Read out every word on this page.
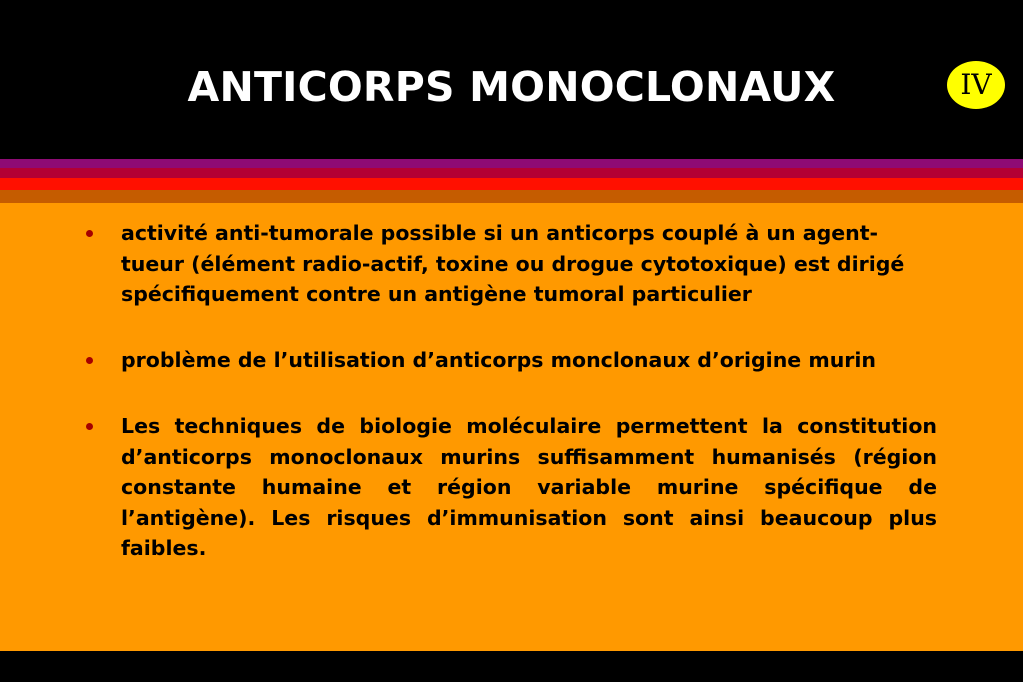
ANTICORPS MONOCLONAUX	IV

activité anti-tumorale possible si un anticorps couplé à un agent-tueur (élément radio-actif, toxine ou drogue cytotoxique) est dirigé spécifiquement contre un antigène tumoral particulier

problème de l’utilisation d’anticorps monclonaux d’origine murin

Les techniques de biologie moléculaire permettent la constitution d’anticorps monoclonaux murins suffisamment humanisés (région constante humaine et région variable murine spécifique de l’antigène). Les risques d’immunisation sont ainsi beaucoup plus faibles.
